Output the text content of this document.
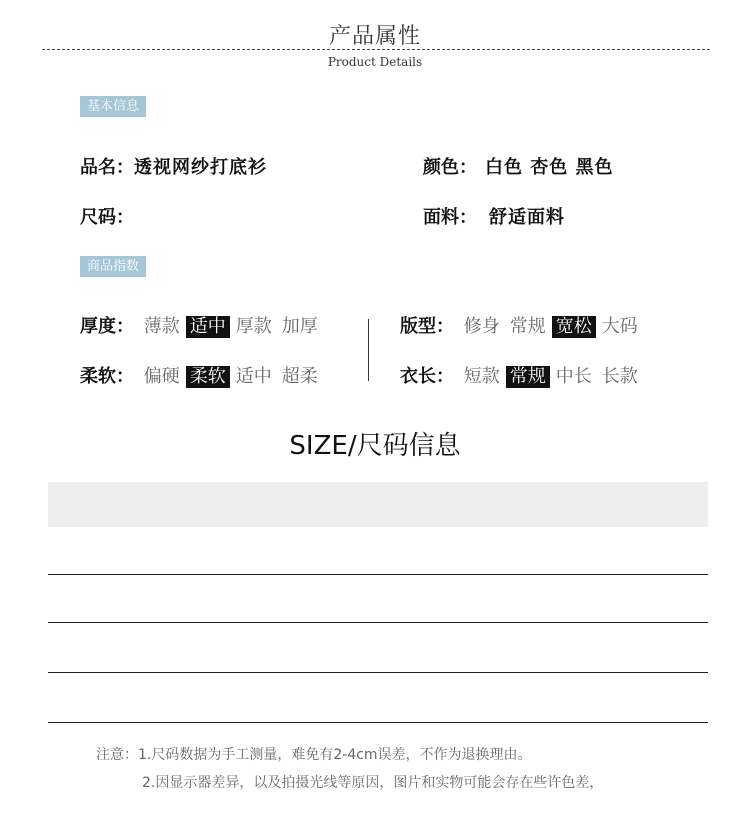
产品属性
Product Details
基本信息
品名：透视网纱打底衫	颜色： 白色 杏色 黑色
尺码：	面料： 舒适面料
商品指数
厚度： 薄款 适中 厚款 加厚
柔软： 偏硬 柔软 适中 超柔
版型： 修身 常规 宽松 大码
衣长： 短款 常规 中长 长款
SIZE/尺码信息
注意：1.尺码数据为手工测量，难免有2-4cm误差，不作为退换理由。
2.因显示器差异，以及拍摄光线等原因，图片和实物可能会存在些许色差，
